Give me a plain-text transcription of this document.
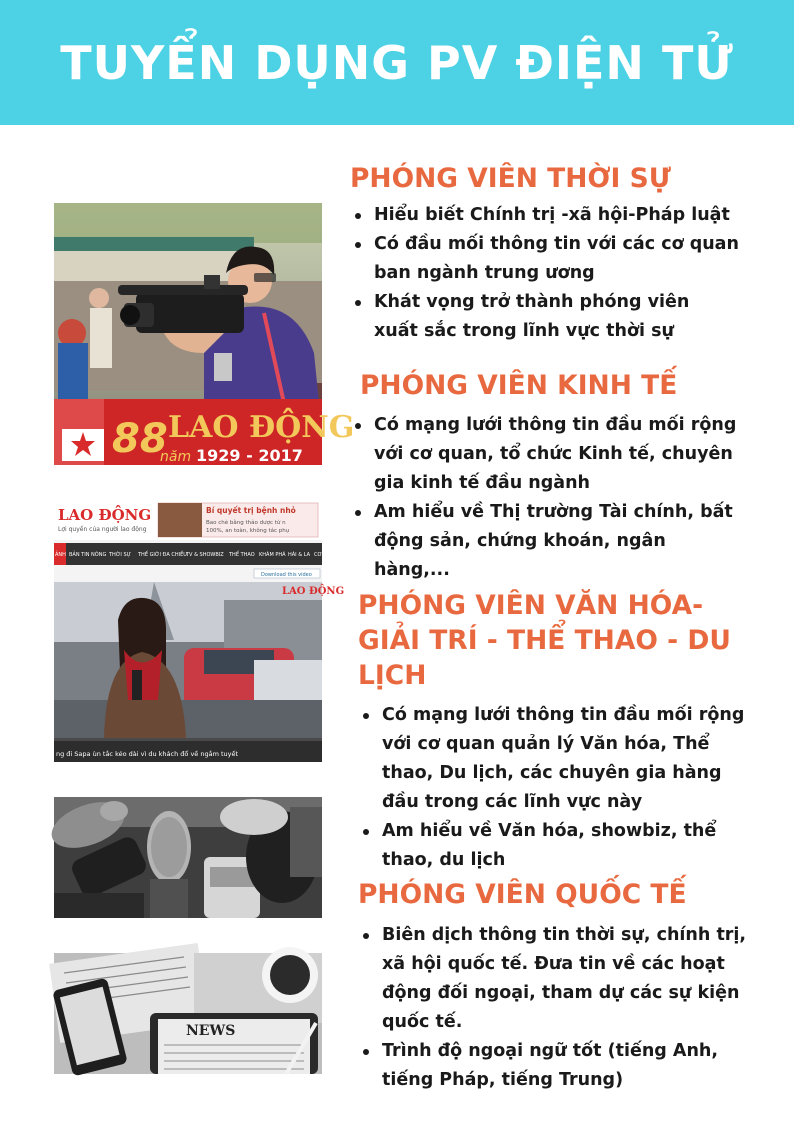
TUYỂN DỤNG PV ĐIỆN TỬ
88 LAO ĐỘNG
năm 1929 - 2017
LAO ĐỘNG
Lợi quyền của người lao động
Bí quyết trị bệnh nhỏ
Bao chè bằng thảo dược từ n
100%, an toàn, không tác phụ
ẢNH BẢN TIN NÓNG THỜI SỰ THẾ GIỚI ĐA CHIỀU TV & SHOWBIZ THỂ THAO KHÁM PHÁ HÀI & LA CƠ
Download this video
LAO ĐỘNG
ng đi Sapa ùn tắc kéo dài vì du khách đổ về ngắm tuyết
NEWS
PHÓNG VIÊN THỜI SỰ
Hiểu biết Chính trị -xã hội-Pháp luật
Có đầu mối thông tin với các cơ quan ban ngành trung ương
Khát vọng trở thành phóng viên xuất sắc trong lĩnh vực thời sự
PHÓNG VIÊN KINH TẾ
Có mạng lưới thông tin đầu mối rộng với cơ quan, tổ chức Kinh tế, chuyên gia kinh tế đầu ngành
Am hiểu về Thị trường Tài chính, bất động sản, chứng khoán, ngân hàng,...
PHÓNG VIÊN VĂN HÓA- GIẢI TRÍ - THỂ THAO - DU LỊCH
Có mạng lưới thông tin đầu mối rộng với cơ quan quản lý Văn hóa, Thể thao, Du lịch, các chuyên gia hàng đầu trong các lĩnh vực này
Am hiểu về Văn hóa, showbiz, thể thao, du lịch
PHÓNG VIÊN QUỐC TẾ
Biên dịch thông tin thời sự, chính trị, xã hội quốc tế. Đưa tin về các hoạt động đối ngoại, tham dự các sự kiện quốc tế.
Trình độ ngoại ngữ tốt (tiếng Anh, tiếng Pháp, tiếng Trung)
